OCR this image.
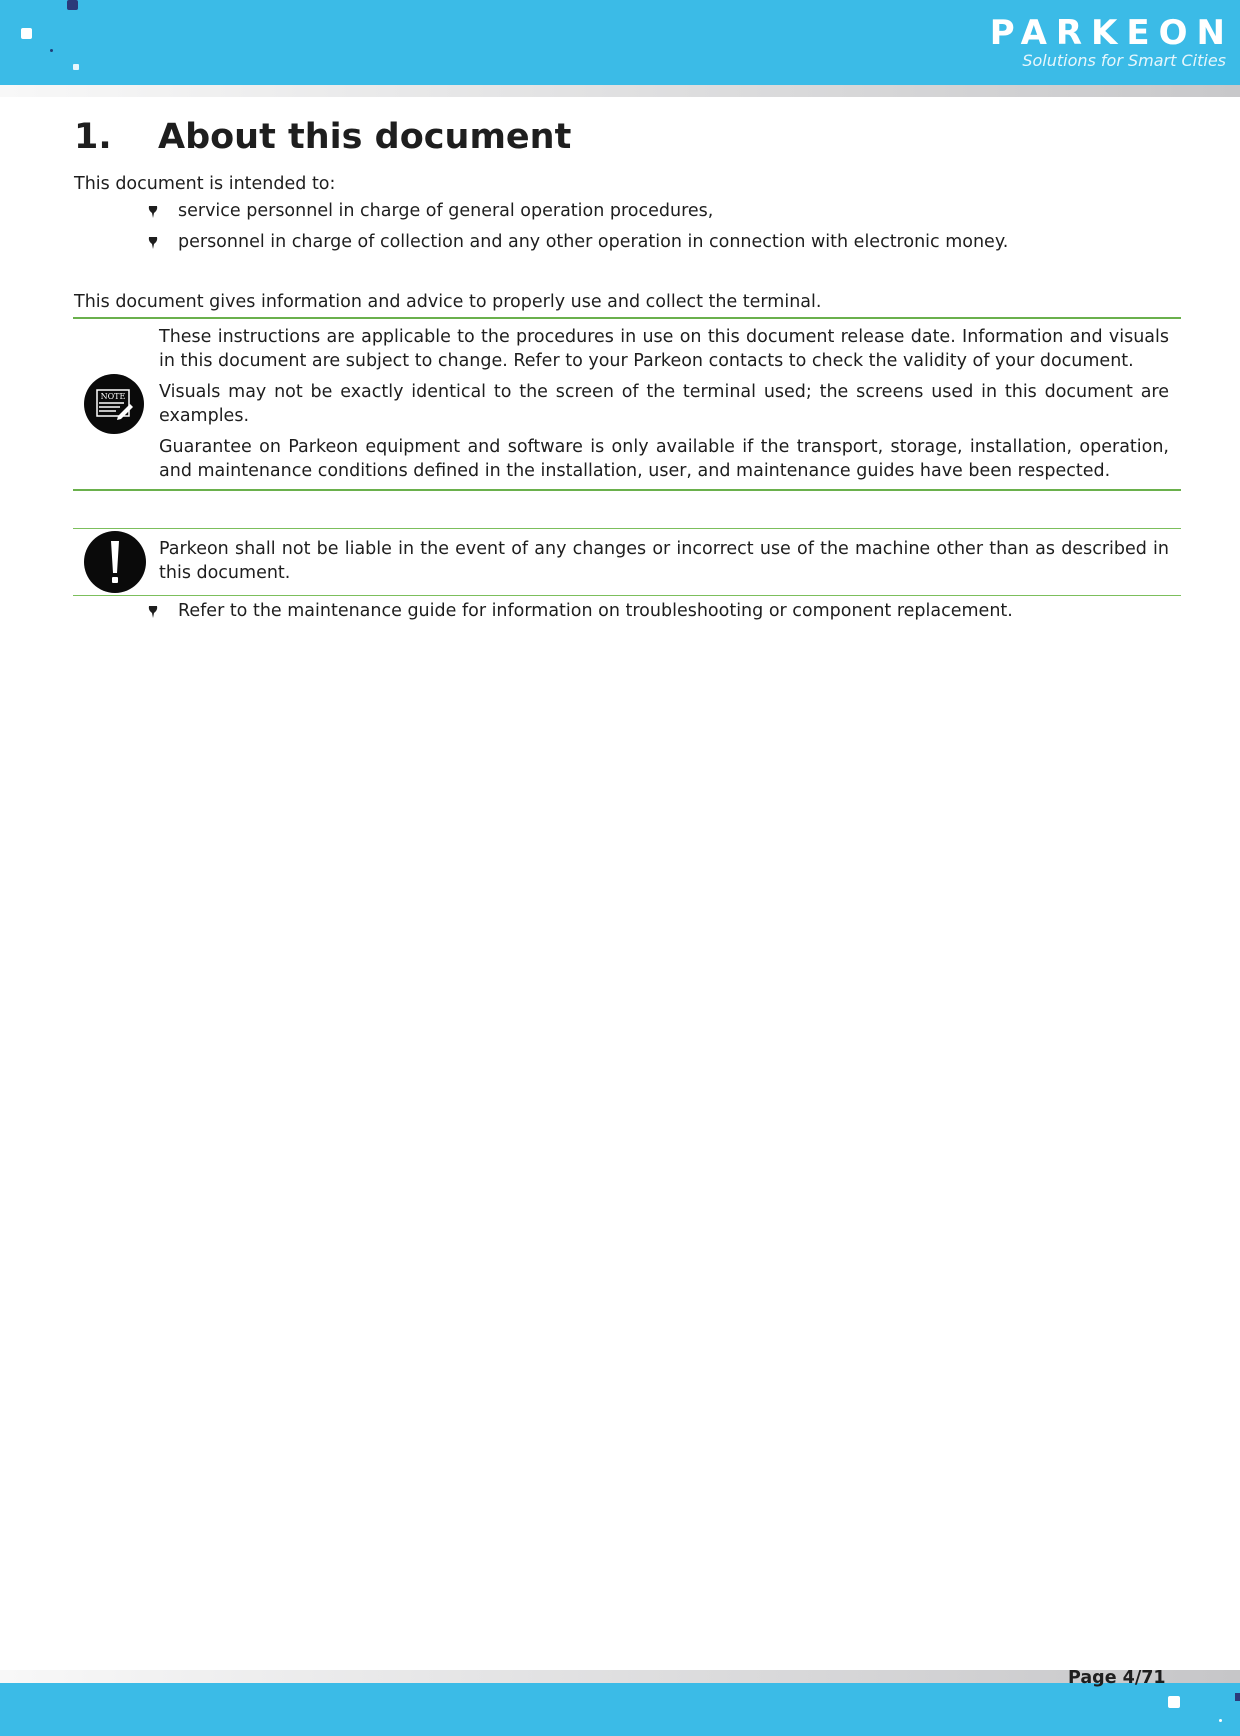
PARKEON
Solutions for Smart Cities
1. About this document

This document is intended to:

service personnel in charge of general operation procedures,
personnel in charge of collection and any other operation in connection with electronic money.

This document gives information and advice to properly use and collect the terminal.

NOTE

These instructions are applicable to the procedures in use on this document release date. Information and visuals in this document are subject to change. Refer to your Parkeon contacts to check the validity of your document.

Visuals may not be exactly identical to the screen of the terminal used; the screens used in this document are examples.

Guarantee on Parkeon equipment and software is only available if the transport, storage, installation, operation, and maintenance conditions defined in the installation, user, and maintenance guides have been respected.

Parkeon shall not be liable in the event of any changes or incorrect use of the machine other than as described in this document.
Refer to the maintenance guide for information on troubleshooting or component replacement.
Page 4/71
